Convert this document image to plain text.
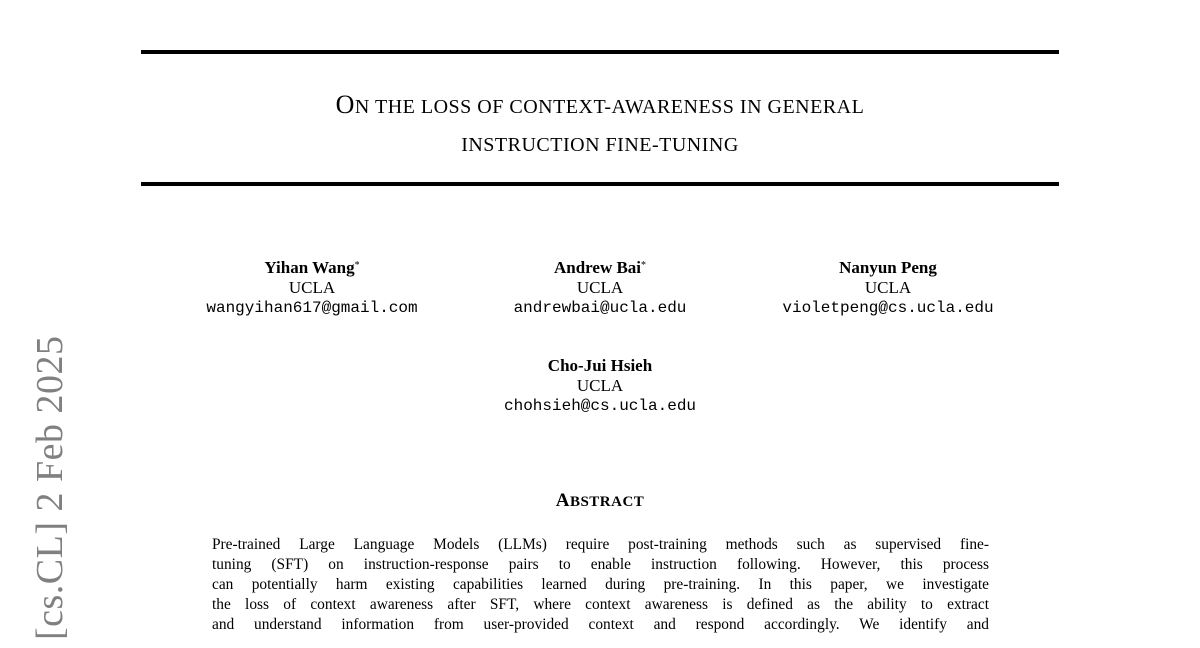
[cs.CL] 2 Feb 2025
ON THE LOSS OF CONTEXT-AWARENESS IN GENERAL
INSTRUCTION FINE-TUNING
Yihan Wang*
UCLA
wangyihan617@gmail.com
Andrew Bai*
UCLA
andrewbai@ucla.edu
Nanyun Peng
UCLA
violetpeng@cs.ucla.edu
Cho-Jui Hsieh
UCLA
chohsieh@cs.ucla.edu
ABSTRACT
Pre-trained Large Language Models (LLMs) require post-training methods such as supervised fine-
tuning (SFT) on instruction-response pairs to enable instruction following. However, this process
can potentially harm existing capabilities learned during pre-training. In this paper, we investigate
the loss of context awareness after SFT, where context awareness is defined as the ability to extract
and understand information from user-provided context and respond accordingly. We identify and
